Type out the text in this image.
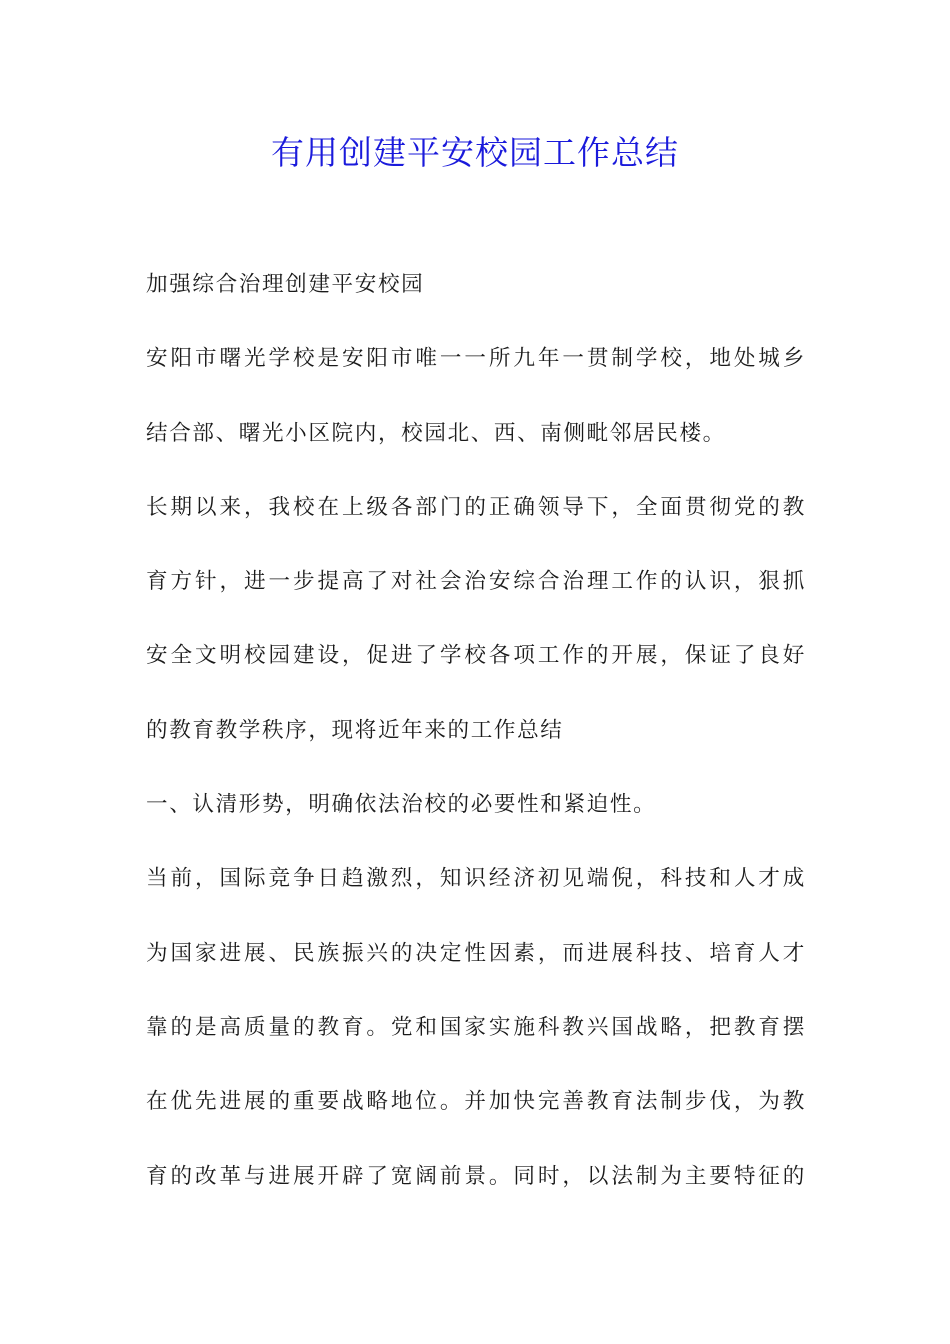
有用创建平安校园工作总结
加强综合治理创建平安校园
安阳市曙光学校是安阳市唯一一所九年一贯制学校，地处城乡
结合部、曙光小区院内，校园北、西、南侧毗邻居民楼。
长期以来，我校在上级各部门的正确领导下，全面贯彻党的教
育方针，进一步提高了对社会治安综合治理工作的认识，狠抓
安全文明校园建设，促进了学校各项工作的开展，保证了良好
的教育教学秩序，现将近年来的工作总结
一、认清形势，明确依法治校的必要性和紧迫性。
当前，国际竞争日趋激烈，知识经济初见端倪，科技和人才成
为国家进展、民族振兴的决定性因素，而进展科技、培育人才
靠的是高质量的教育。党和国家实施科教兴国战略，把教育摆
在优先进展的重要战略地位。并加快完善教育法制步伐，为教
育的改革与进展开辟了宽阔前景。同时，以法制为主要特征的
